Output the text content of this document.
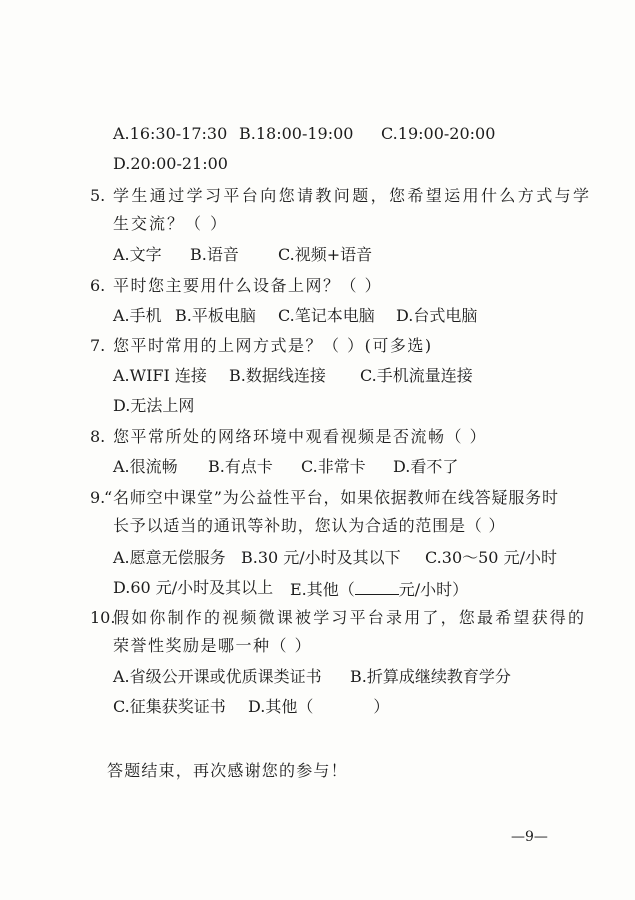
A.16:30-17:30 B.18:00-19:00 C.19:00-20:00
D.20:00-21:00
5. 学生通过学习平台向您请教问题，您希望运用什么方式与学
生交流？（ ）
A.文字 B.语音 C.视频+语音
6. 平时您主要用什么设备上网？（ ）
A.手机 B.平板电脑 C.笔记本电脑 D.台式电脑
7. 您平时常用的上网方式是？（ ）(可多选)
A.WIFI 连接 B.数据线连接 C.手机流量连接
D.无法上网
8. 您平常所处的网络环境中观看视频是否流畅（ ）
A.很流畅 B.有点卡 C.非常卡 D.看不了
9.
“名师空中课堂”为公益性平台，如果依据教师在线答疑服务时
长予以适当的通讯等补助，您认为合适的范围是（ ）
A.愿意无偿服务 B.30 元/小时及其以下 C.30～50 元/小时
D.60 元/小时及其以上 E.其他（	元/小时）
10.
假如你制作的视频微课被学习平台录用了，您最希望获得的
荣誉性奖励是哪一种（ ）
A.省级公开课或优质课类证书 B.折算成继续教育学分
C.征集获奖证书 D.其他（	）
答题结束，再次感谢您的参与！
—9—
